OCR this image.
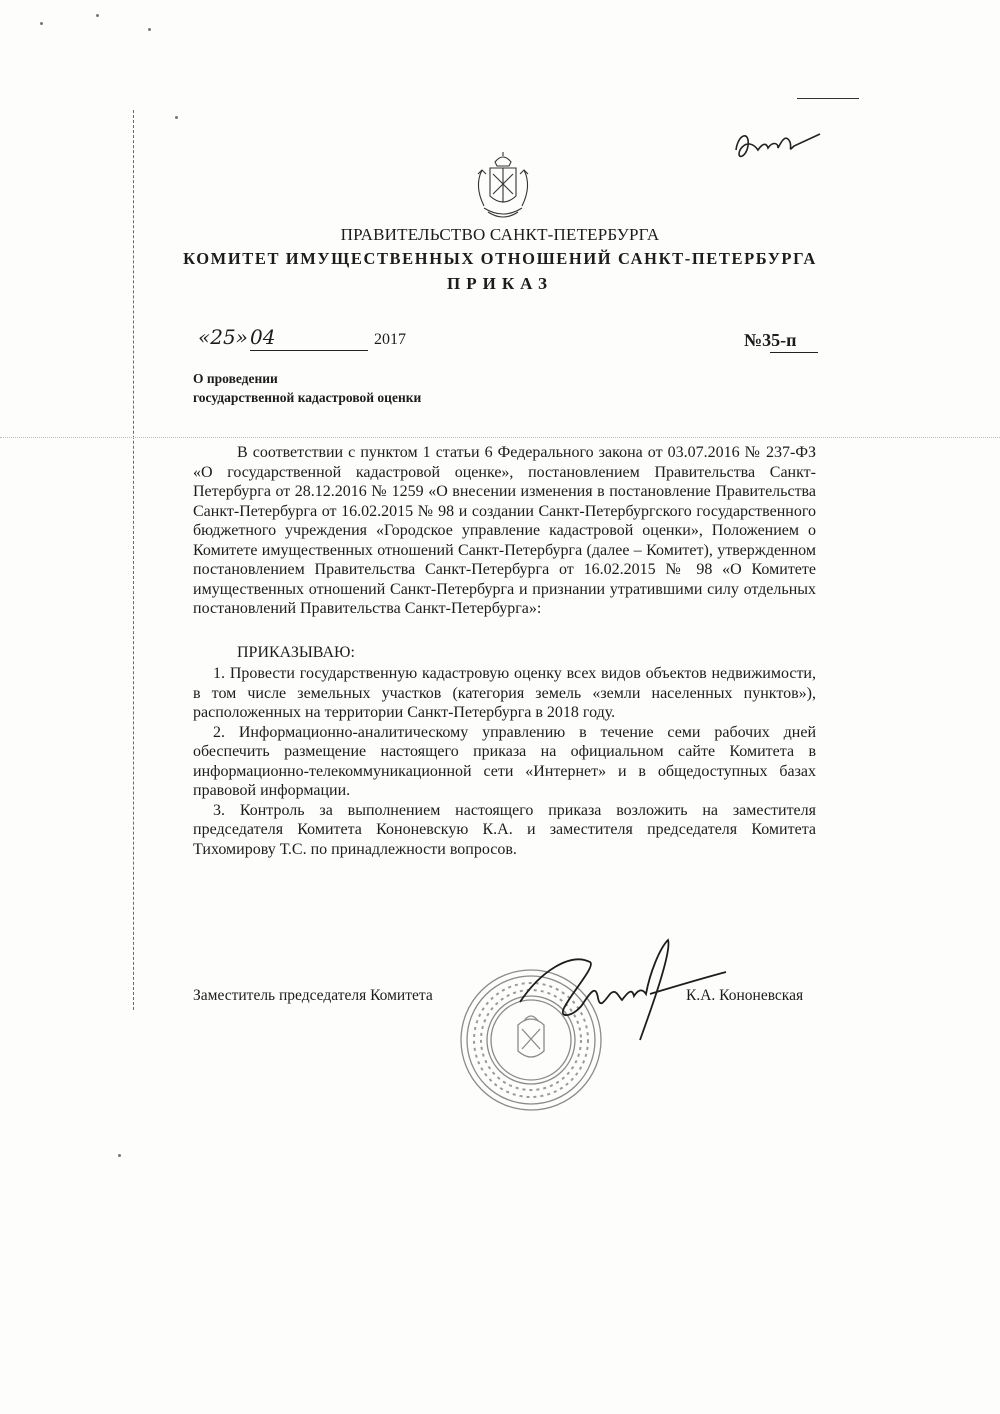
ПРАВИТЕЛЬСТВО САНКТ-ПЕТЕРБУРГА
КОМИТЕТ ИМУЩЕСТВЕННЫХ ОТНОШЕНИЙ САНКТ-ПЕТЕРБУРГА
ПРИКАЗ
«25» 04	2017	№35-п
О проведении
государственной кадастровой оценки

В соответствии с пунктом 1 статьи 6 Федерального закона от 03.07.2016 № 237-ФЗ «О государственной кадастровой оценке», постановлением Правительства Санкт-Петербурга от 28.12.2016 № 1259 «О внесении изменения в постановление Правительства Санкт-Петербурга от 16.02.2015 № 98 и создании Санкт-Петербургского государственного бюджетного учреждения «Городское управление кадастровой оценки», Положением о Комитете имущественных отношений Санкт-Петербурга (далее – Комитет), утвержденном постановлением Правительства Санкт-Петербурга от 16.02.2015 № 98 «О Комитете имущественных отношений Санкт-Петербурга и признании утратившими силу отдельных постановлений Правительства Санкт-Петербурга»:

ПРИКАЗЫВАЮ:

1. Провести государственную кадастровую оценку всех видов объектов недвижимости, в том числе земельных участков (категория земель «земли населенных пунктов»), расположенных на территории Санкт-Петербурга в 2018 году.

2. Информационно-аналитическому управлению в течение семи рабочих дней обеспечить размещение настоящего приказа на официальном сайте Комитета в информационно-телекоммуникационной сети «Интернет» и в общедоступных базах правовой информации.

3. Контроль за выполнением настоящего приказа возложить на заместителя председателя Комитета Кононевскую К.А. и заместителя председателя Комитета Тихомирову Т.С. по принадлежности вопросов.

Заместитель председателя Комитета	К.А. Кононевская
